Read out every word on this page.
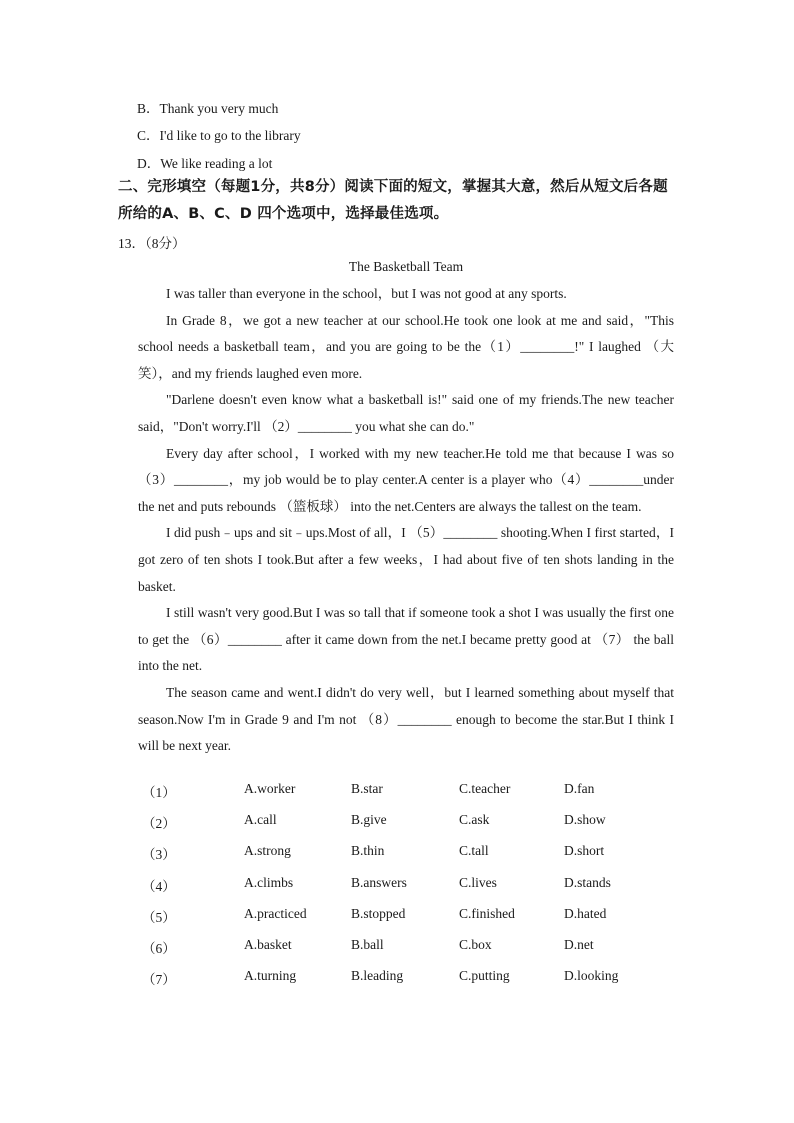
B．Thank you very much
C．I'd like to go to the library
D．We like reading a lot
二、完形填空（每题1分，共8分）阅读下面的短文，掌握其大意，然后从短文后各题所给的A、B、C、D 四个选项中，选择最佳选项。
13．（8分）
The Basketball Team

I was taller than everyone in the school，but I was not good at any sports.

In Grade 8，we got a new teacher at our school.He took one look at me and said，"This school needs a basketball team，and you are going to be the（1）________!" I laughed （大笑），and my friends laughed even more.

"Darlene doesn't even know what a basketball is!" said one of my friends.The new teacher said，"Don't worry.I'll （2）________ you what she can do."

Every day after school，I worked with my new teacher.He told me that because I was so （3）________，my job would be to play center.A center is a player who（4）________under the net and puts rebounds （篮板球） into the net.Centers are always the tallest on the team.

I did push﹣ups and sit﹣ups.Most of all，I （5）________ shooting.When I first started，I got zero of ten shots I took.But after a few weeks，I had about five of ten shots landing in the basket.

I still wasn't very good.But I was so tall that if someone took a shot I was usually the first one to get the （6）________ after it came down from the net.I became pretty good at （7） the ball into the net.

The season came and went.I didn't do very well，but I learned something about myself that season.Now I'm in Grade 9 and I'm not （8）________ enough to become the star.But I think I will be next year.

（1）	A.worker	B.star	C.teacher	D.fan
（2）	A.call	B.give	C.ask	D.show
（3）	A.strong	B.thin	C.tall	D.short
（4）	A.climbs	B.answers	C.lives	D.stands
（5）	A.practiced	B.stopped	C.finished	D.hated
（6）	A.basket	B.ball	C.box	D.net
（7）	A.turning	B.leading	C.putting	D.looking
